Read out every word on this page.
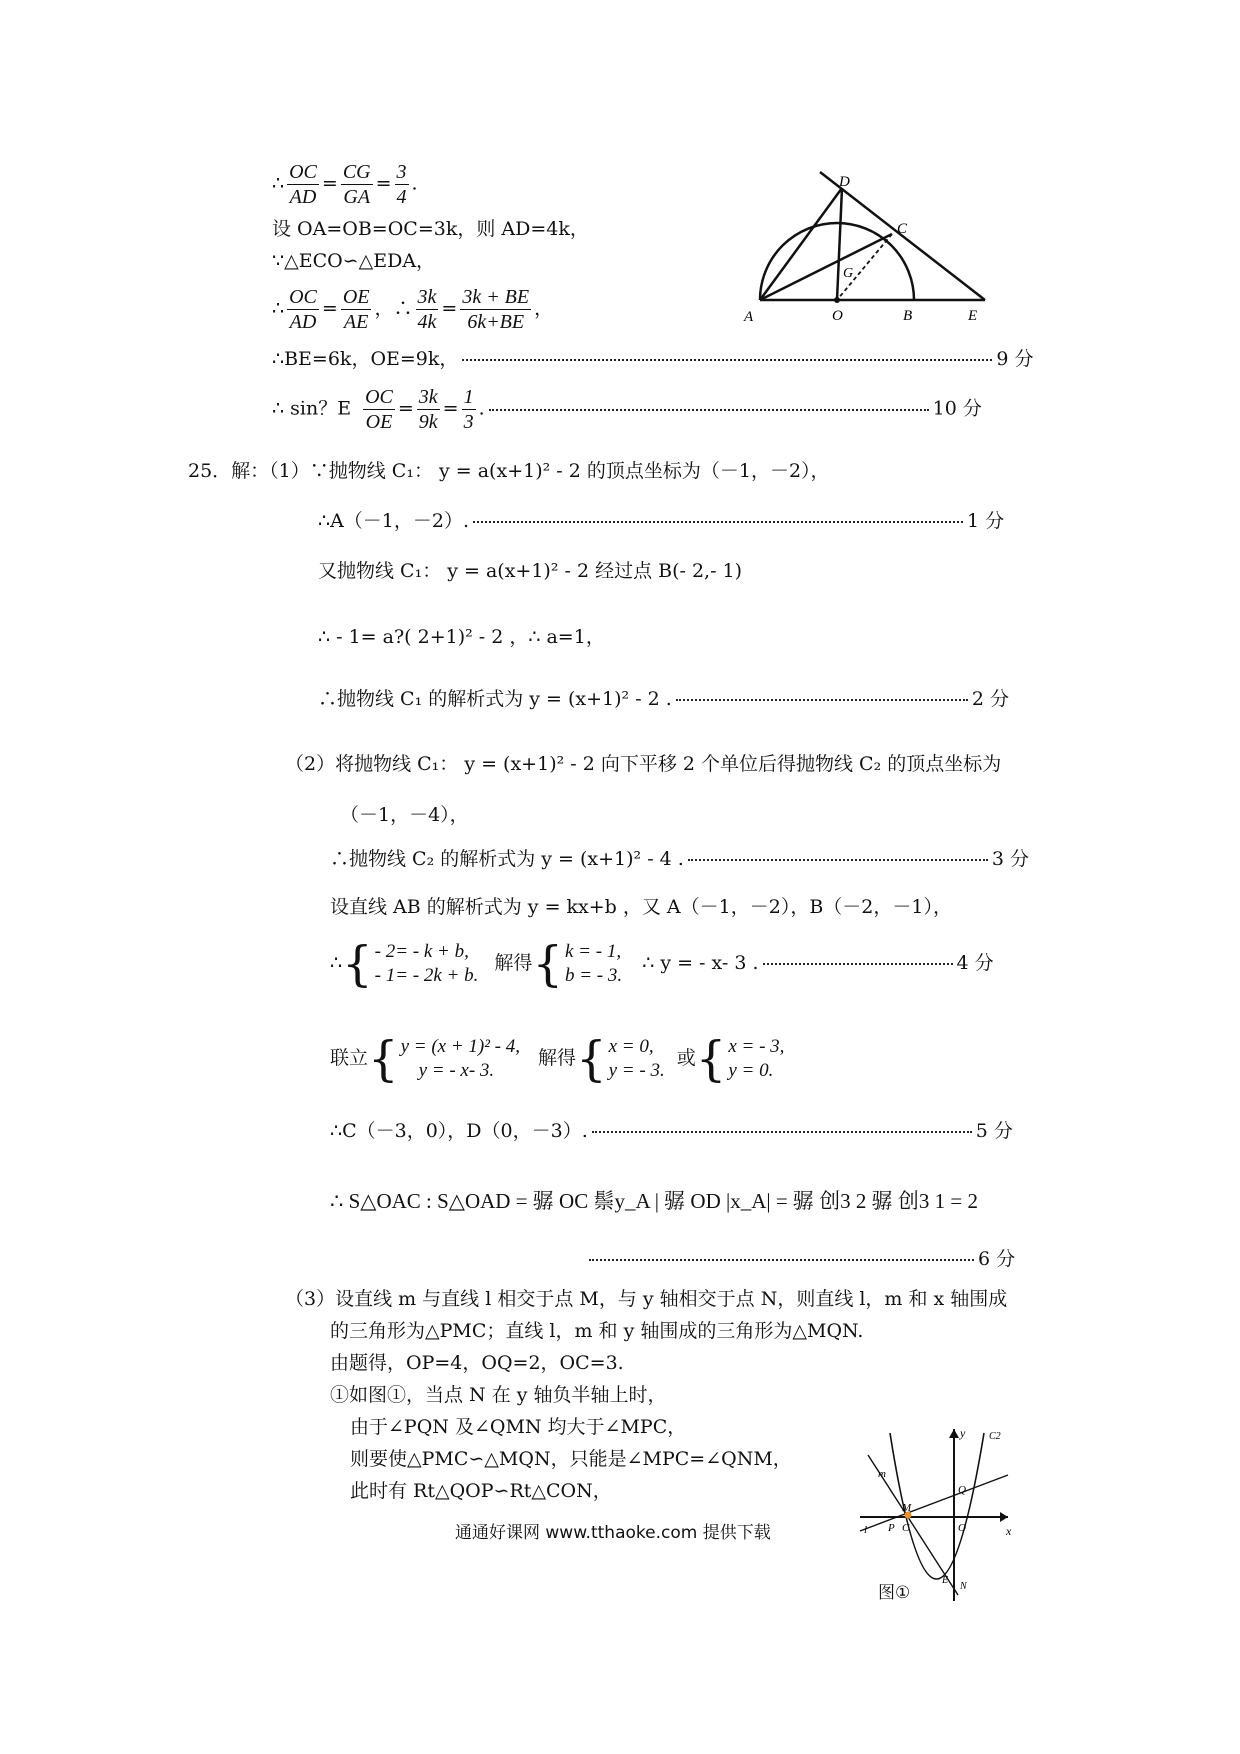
∴ $\frac{OC}{AD} = \frac{CG}{GA} = \frac{3}{4}$ .
设 OA=OB=OC=3k，则 AD=4k，
∵△ECO∽△EDA，
∴ $\frac{OC}{AD} = \frac{OE}{AE}$ ，∴ $\frac{3k}{4k} = \frac{3k + BE}{6k+BE}$ ，
∴BE=6k，OE=9k，	9 分
∴ sin？E $\frac{OC}{OE} = \frac{3k}{9k} = \frac{1}{3}$ .	10 分
A	O	B	E
C
D
G
25．解：（1）∵抛物线 C₁： y = a(x+1)² - 2 的顶点坐标为（－1，－2），
∴A（－1，－2）.	1 分
又抛物线 C₁： y = a(x+1)² - 2 经过点 B(- 2,- 1)
∴ - 1= a?( 2+1)² - 2 ，∴ a=1，
∴抛物线 C₁ 的解析式为 y = (x+1)² - 2 .	2 分
（2）将抛物线 C₁： y = (x+1)² - 2 向下平移 2 个单位后得抛物线 C₂ 的顶点坐标为
（－1，－4），
∴抛物线 C₂ 的解析式为 y = (x+1)² - 4 .	3 分
设直线 AB 的解析式为 y = kx+b ，又 A（－1，－2），B（－2，－1），
∴{ - 2= - k + b,
- 1= - 2k + b.
解得{ k = - 1,
b = - 3.
∴ y = - x- 3 .	4 分
联立{ y = (x + 1)² - 4,
y = - x- 3.
解得{ x = 0,
y = - 3.
或{ x = - 3,
y = 0.
∴C（－3，0），D（0，－3）.	5 分
∴ S△OAC : S△OAD = 骣 OC 鬃y_A | 骣 OD |x_A| = 骣 创3 2 骣 创3 1 = 2
6 分
（3）设直线 m 与直线 l 相交于点 M，与 y 轴相交于点 N，则直线 l，m 和 x 轴围成
的三角形为△PMC；直线 l，m 和 y 轴围成的三角形为△MQN.
由题得，OP=4，OQ=2，OC=3.
①如图①，当点 N 在 y 轴负半轴上时，
由于∠PQN 及∠QMN 均大于∠MPC，
则要使△PMC∽△MQN，只能是∠MPC=∠QNM，
此时有 Rt△QOP∽Rt△CON，
通通好课网 www.tthaoke.com 提供下载
y
x
C2
m
Q
M
l P C	O
E
N
图①
